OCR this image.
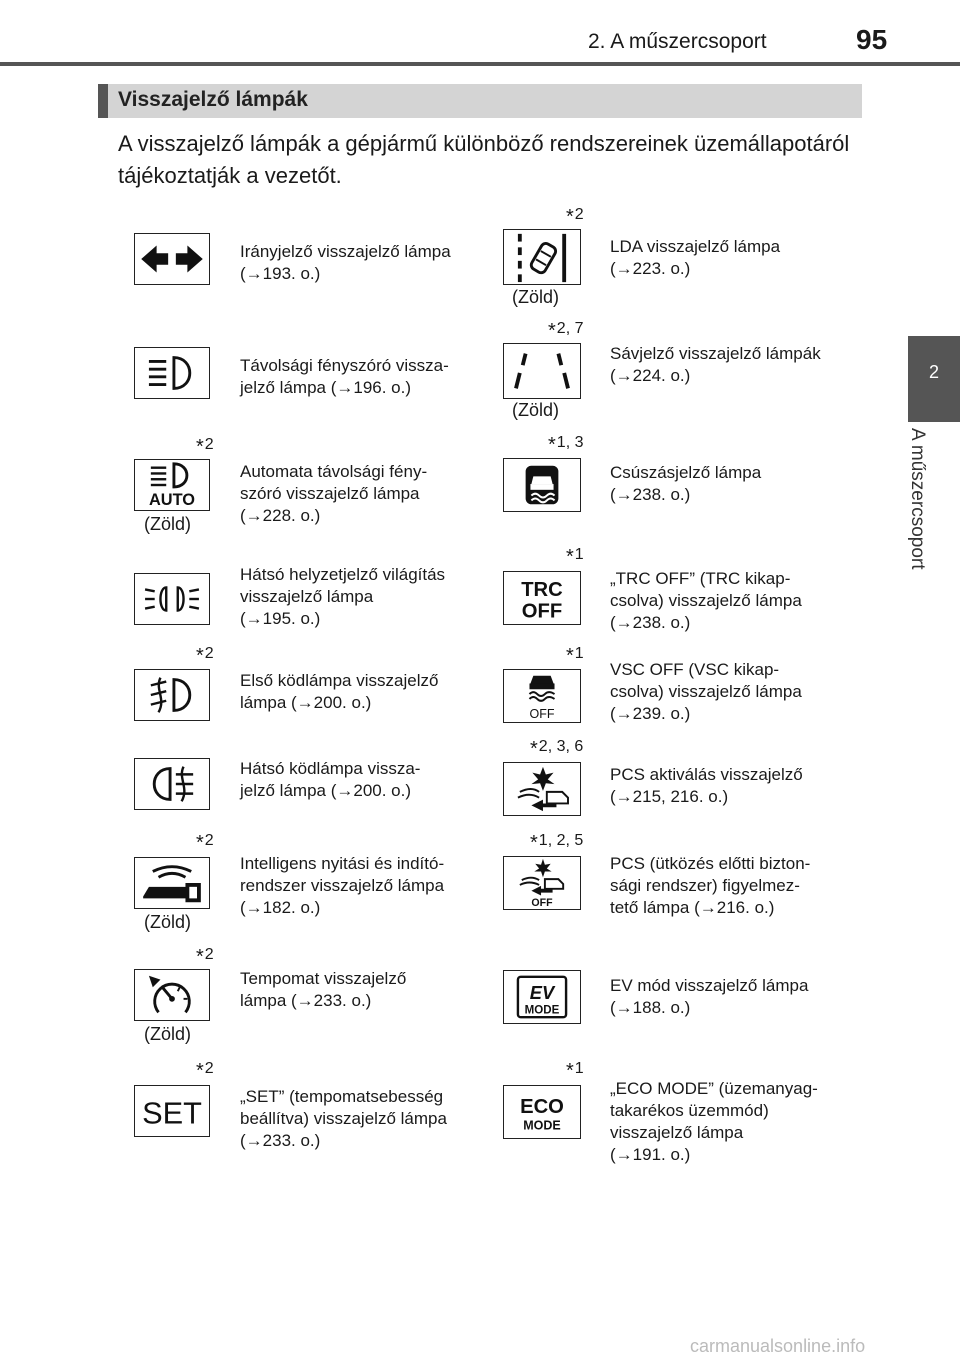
2. A műszercsoport	95
2
A műszercsoport
Visszajelző lámpák
A visszajelző lámpák a gépjármű különböző rendszereinek üzemállapotáról tájékoztatják a vezetőt.
Irányjelző visszajelző lámpa
(→193. o.)
Távolsági fényszóró vissza-
jelző lámpa (→196. o.)
*2
AUTO
(Zöld)
Automata távolsági fény-
szóró visszajelző lámpa
(→228. o.)
Hátsó helyzetjelző világítás
visszajelző lámpa
(→195. o.)
*2
Első ködlámpa visszajelző
lámpa (→200. o.)
Hátsó ködlámpa vissza-
jelző lámpa (→200. o.)
*2
(Zöld)
Intelligens nyitási és indító-
rendszer visszajelző lámpa
(→182. o.)
*2
(Zöld)
Tempomat visszajelző
lámpa (→233. o.)
*2
SET „SET” (tempomatsebesség
beállítva) visszajelző lámpa
(→233. o.)
*2
(Zöld)
LDA visszajelző lámpa
(→223. o.)
*2, 7
(Zöld)
Sávjelző visszajelző lámpák
(→224. o.)
*1, 3
Csúszásjelző lámpa
(→238. o.)
*1
TRC
OFF
„TRC OFF” (TRC kikap-
csolva) visszajelző lámpa
(→238. o.)
*1
OFF
VSC OFF (VSC kikap-
csolva) visszajelző lámpa
(→239. o.)
*2, 3, 6
PCS aktiválás visszajelző
(→215, 216. o.)
*1, 2, 5
OFF
PCS (ütközés előtti bizton-
sági rendszer) figyelmez-
tető lámpa (→216. o.)
EV
MODE
EV mód visszajelző lámpa
(→188. o.)
*1
ECO
MODE
„ECO MODE” (üzemanyag-
takarékos üzemmód)
visszajelző lámpa
(→191. o.)
carmanualsonline.info
